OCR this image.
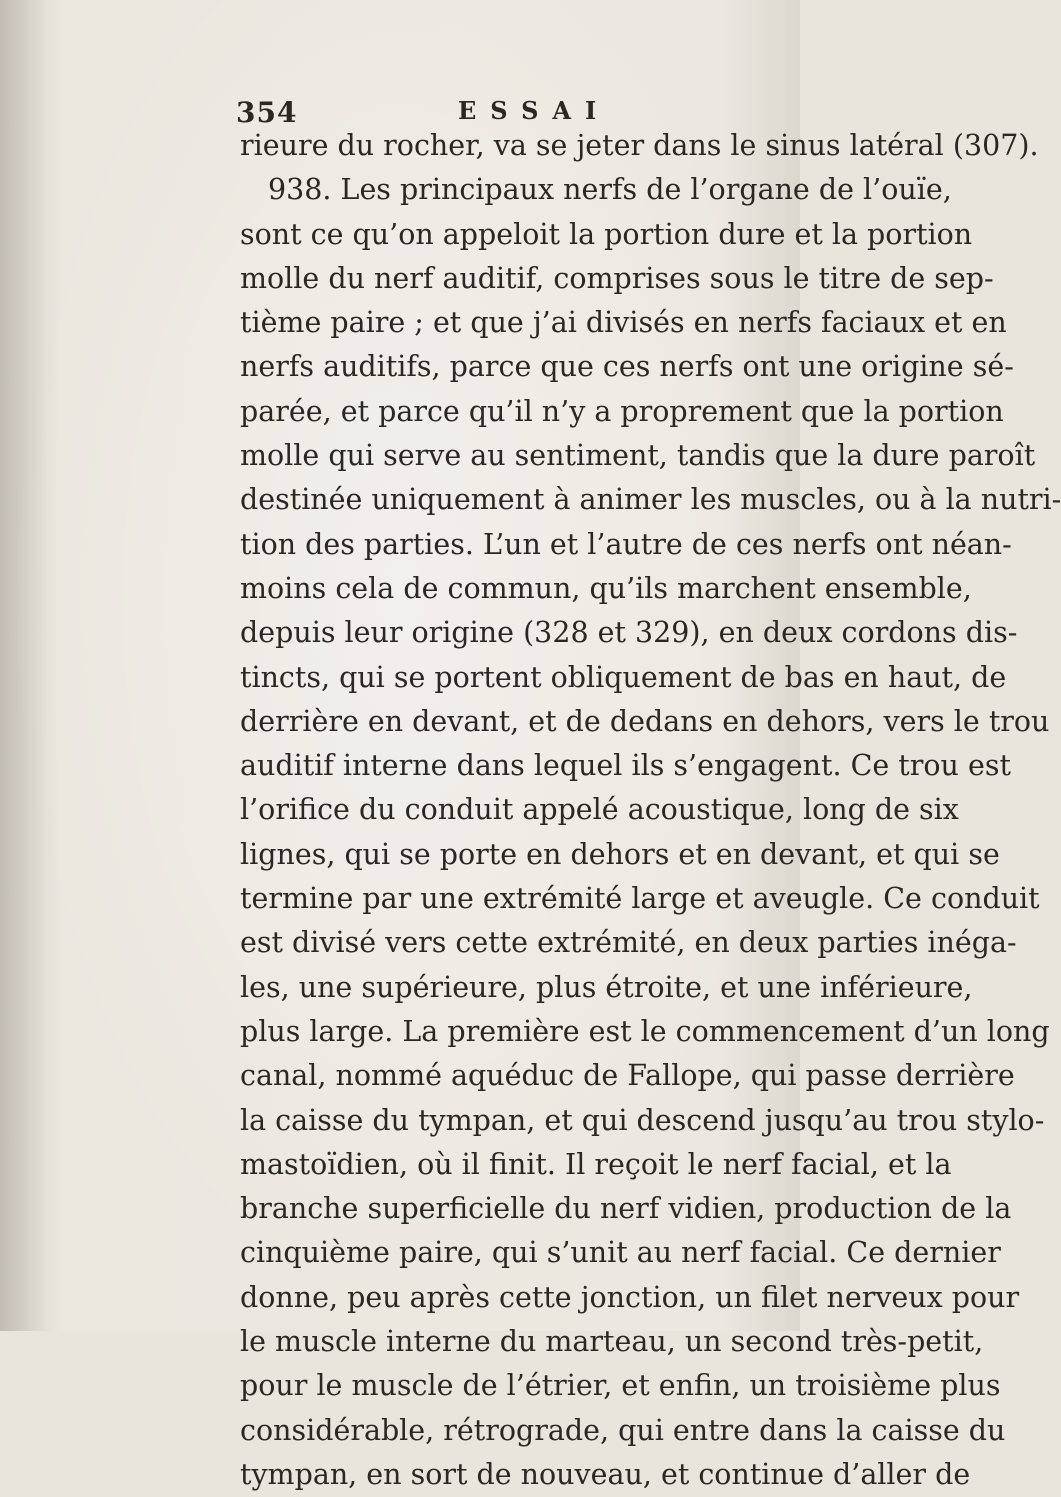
354	ESSAI
rieure du rocher, va se jeter dans le sinus latéral (307).
938. Les principaux nerfs de l’organe de l’ouïe,
sont ce qu’on appeloit la portion dure et la portion
molle du nerf auditif, comprises sous le titre de sep-
tième paire ; et que j’ai divisés en nerfs faciaux et en
nerfs auditifs, parce que ces nerfs ont une origine sé-
parée, et parce qu’il n’y a proprement que la portion
molle qui serve au sentiment, tandis que la dure paroît
destinée uniquement à animer les muscles, ou à la nutri-
tion des parties. L’un et l’autre de ces nerfs ont néan-
moins cela de commun, qu’ils marchent ensemble,
depuis leur origine (328 et 329), en deux cordons dis-
tincts, qui se portent obliquement de bas en haut, de
derrière en devant, et de dedans en dehors, vers le trou
auditif interne dans lequel ils s’engagent. Ce trou est
l’orifice du conduit appelé acoustique, long de six
lignes, qui se porte en dehors et en devant, et qui se
termine par une extrémité large et aveugle. Ce conduit
est divisé vers cette extrémité, en deux parties inéga-
les, une supérieure, plus étroite, et une inférieure,
plus large. La première est le commencement d’un long
canal, nommé aquéduc de Fallope, qui passe derrière
la caisse du tympan, et qui descend jusqu’au trou stylo-
mastoïdien, où il finit. Il reçoit le nerf facial, et la
branche superficielle du nerf vidien, production de la
cinquième paire, qui s’unit au nerf facial. Ce dernier
donne, peu après cette jonction, un filet nerveux pour
le muscle interne du marteau, un second très-petit,
pour le muscle de l’étrier, et enfin, un troisième plus
considérable, rétrograde, qui entre dans la caisse du
tympan, en sort de nouveau, et continue d’aller de
